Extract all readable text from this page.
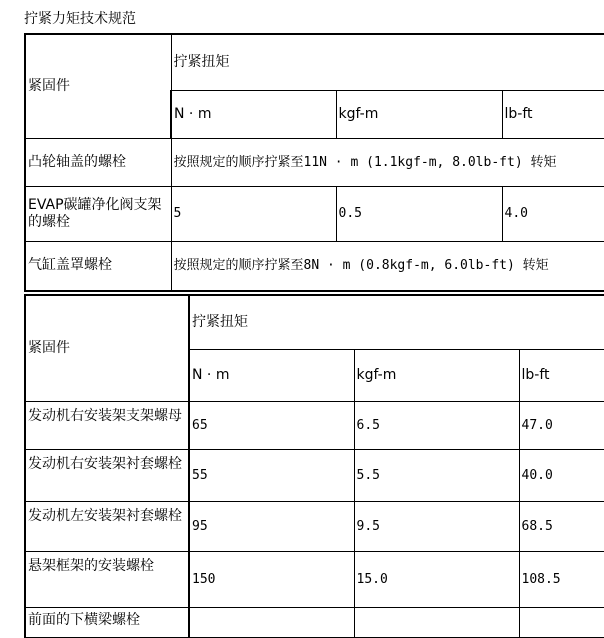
拧紧力矩技术规范
紧固件	拧紧扭矩		
	N · m	kgf-m	lb-ft
凸轮轴盖的螺栓	按照规定的顺序拧紧至11N · m (1.1kgf-m, 8.0lb-ft) 转矩		
EVAP碳罐净化阀支架的螺栓	5	0.5	4.0
气缸盖罩螺栓	按照规定的顺序拧紧至8N · m (0.8kgf-m, 6.0lb-ft) 转矩		
紧固件	拧紧扭矩		
	N · m	kgf-m	lb-ft
发动机右安装架支架螺母	65	6.5	47.0
发动机右安装架衬套螺栓	55	5.5	40.0
发动机左安装架衬套螺栓	95	9.5	68.5
悬架框架的安装螺栓	150	15.0	108.5
前面的下横梁螺栓			
